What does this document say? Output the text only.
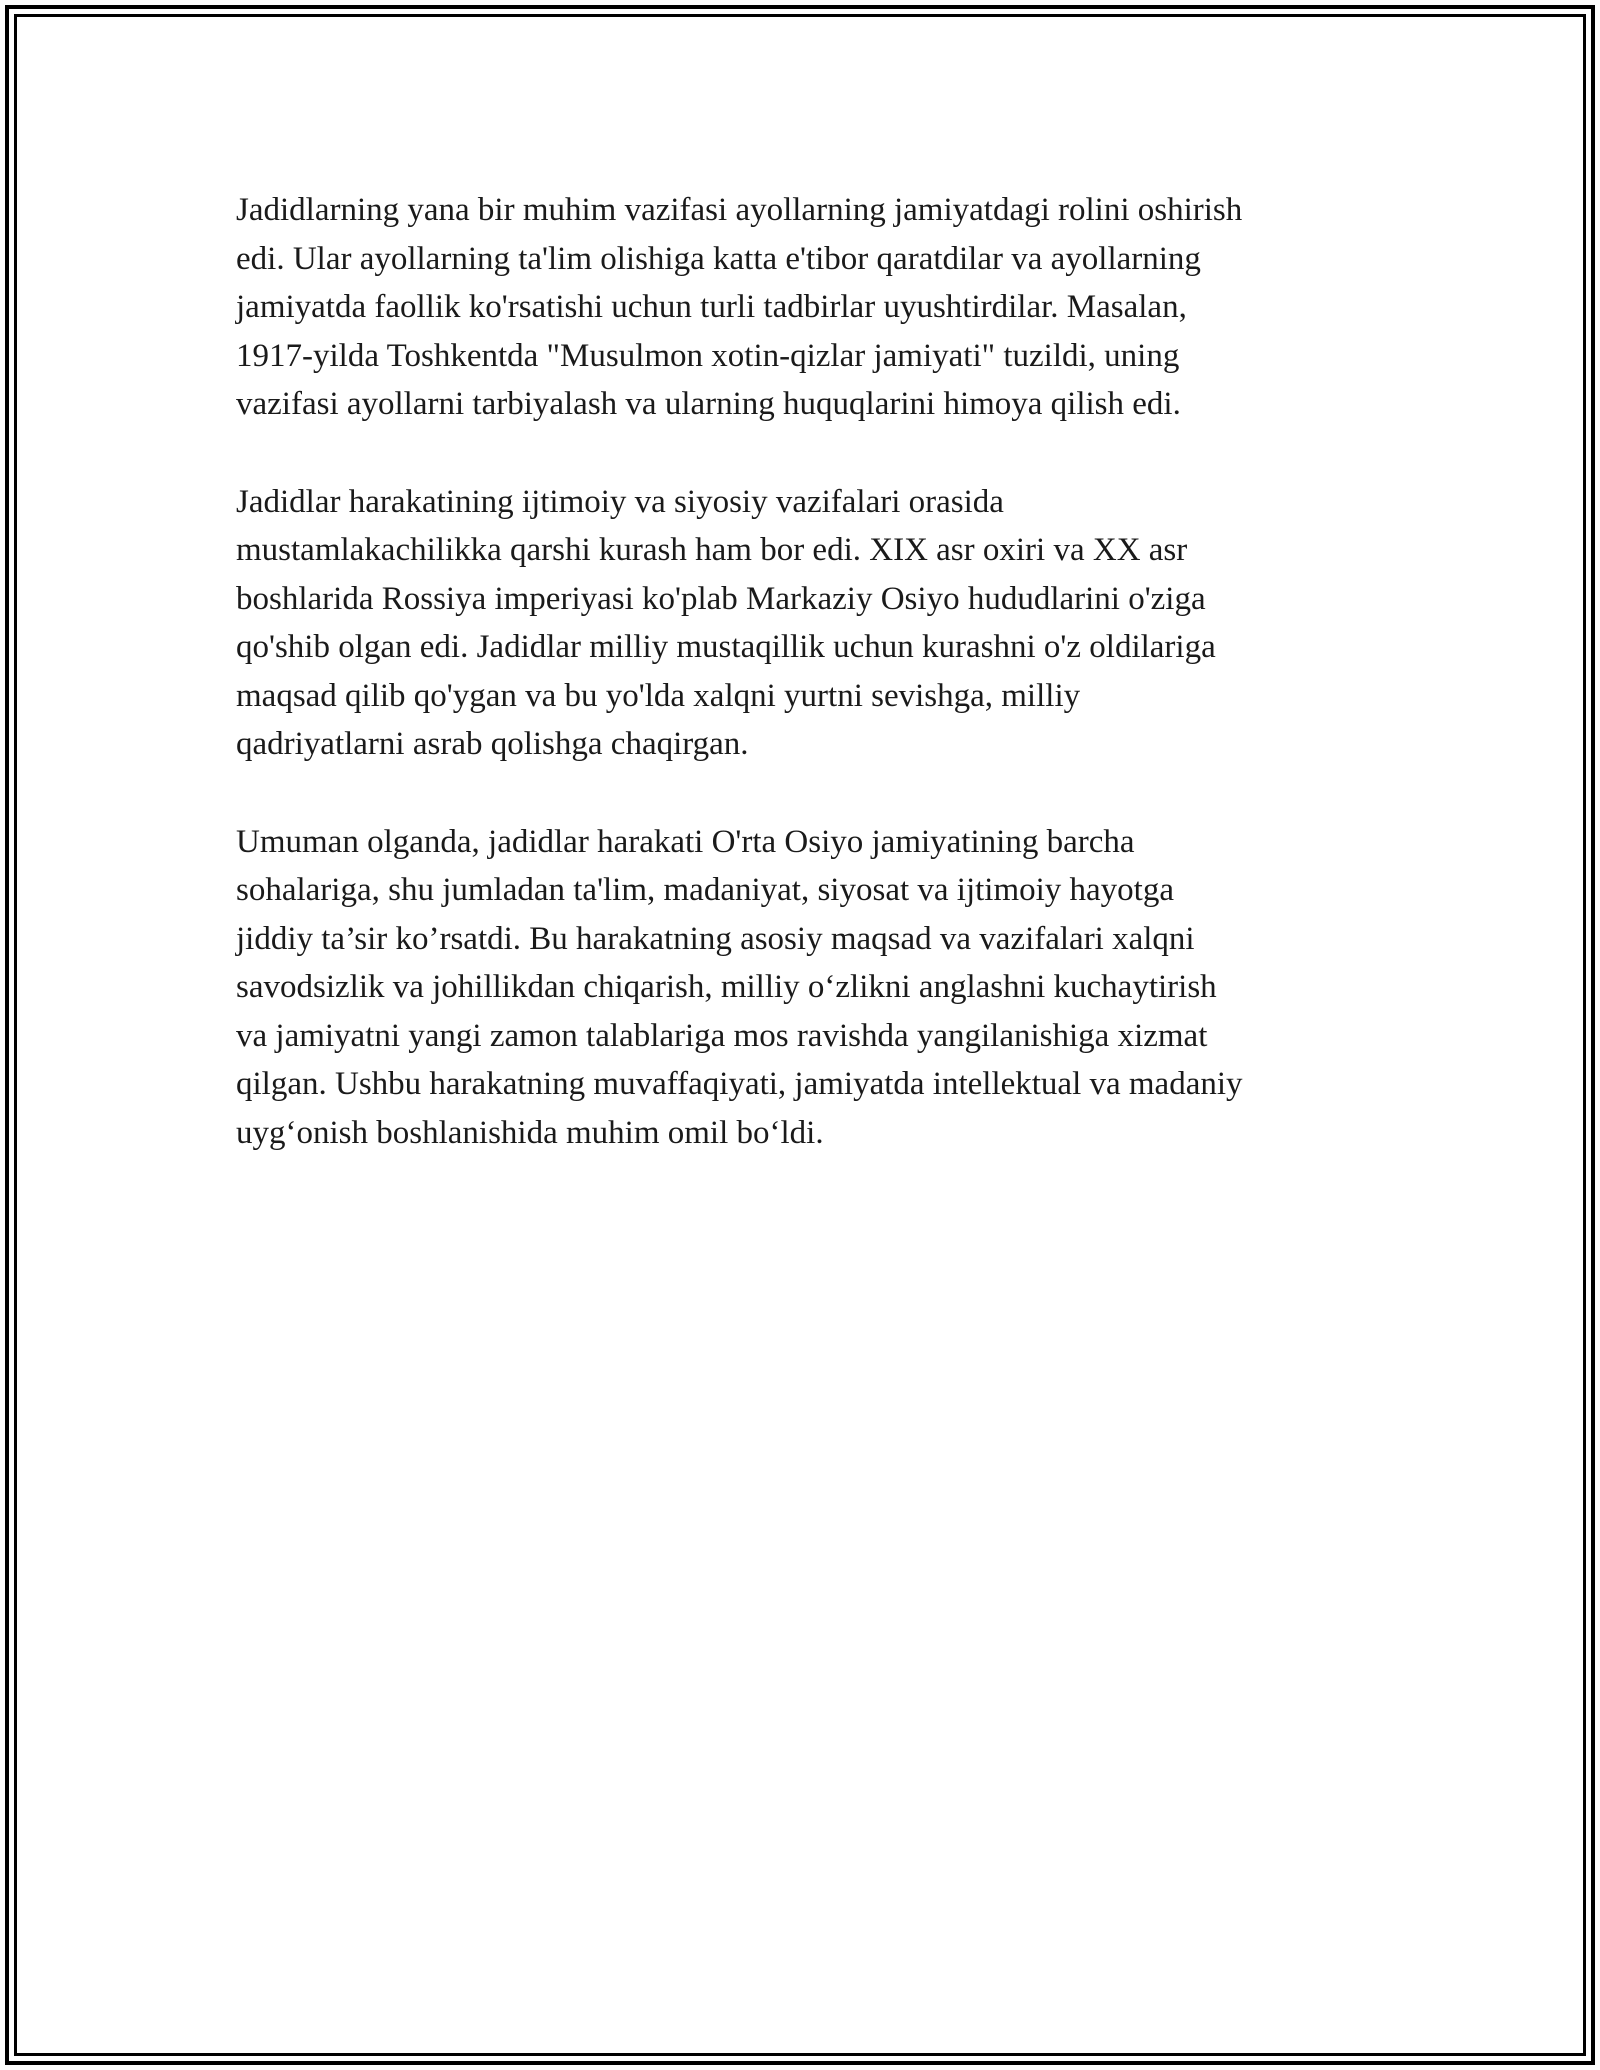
Jadidlarning yana bir muhim vazifasi ayollarning jamiyatdagi rolini oshirish
edi. Ular ayollarning ta'lim olishiga katta e'tibor qaratdilar va ayollarning
jamiyatda faollik ko'rsatishi uchun turli tadbirlar uyushtirdilar. Masalan,
1917-yilda Toshkentda "Musulmon xotin-qizlar jamiyati" tuzildi, uning
vazifasi ayollarni tarbiyalash va ularning huquqlarini himoya qilish edi.

Jadidlar harakatining ijtimoiy va siyosiy vazifalari orasida
mustamlakachilikka qarshi kurash ham bor edi. XIX asr oxiri va XX asr
boshlarida Rossiya imperiyasi ko'plab Markaziy Osiyo hududlarini o'ziga
qo'shib olgan edi. Jadidlar milliy mustaqillik uchun kurashni o'z oldilariga
maqsad qilib qo'ygan va bu yo'lda xalqni yurtni sevishga, milliy
qadriyatlarni asrab qolishga chaqirgan.

Umuman olganda, jadidlar harakati O'rta Osiyo jamiyatining barcha
sohalariga, shu jumladan ta'lim, madaniyat, siyosat va ijtimoiy hayotga
jiddiy ta’sir ko’rsatdi. Bu harakatning asosiy maqsad va vazifalari xalqni
savodsizlik va johillikdan chiqarish, milliy o‘zlikni anglashni kuchaytirish
va jamiyatni yangi zamon talablariga mos ravishda yangilanishiga xizmat
qilgan. Ushbu harakatning muvaffaqiyati, jamiyatda intellektual va madaniy
uyg‘onish boshlanishida muhim omil bo‘ldi.
